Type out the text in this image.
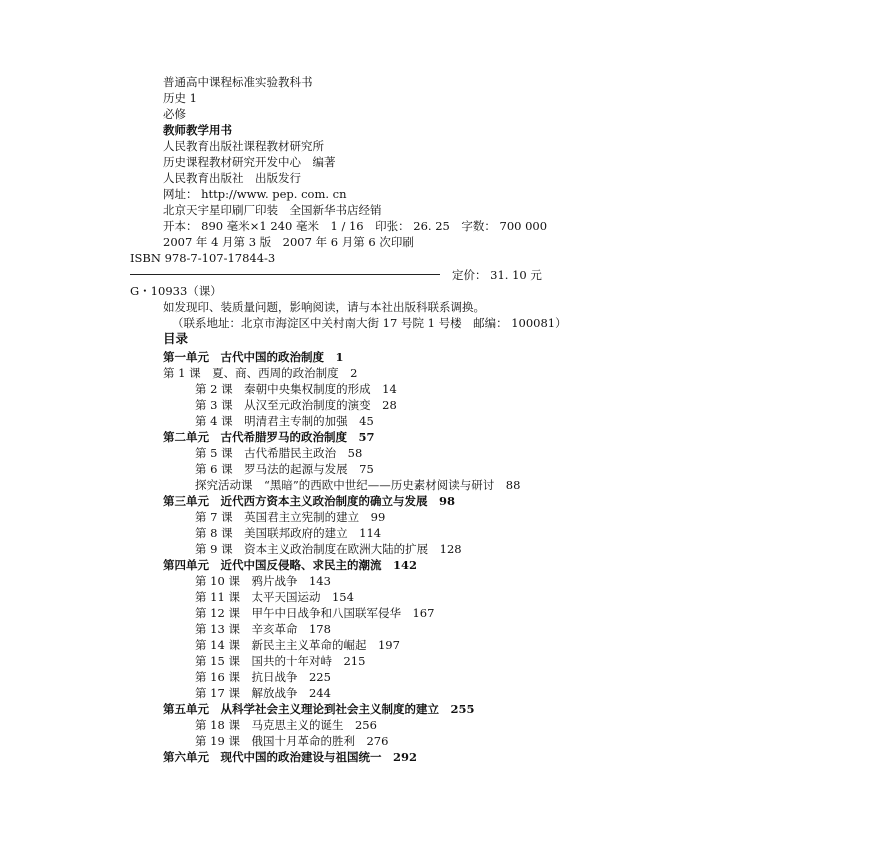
普通高中课程标准实验教科书
历史 1
必修
教师教学用书
人民教育出版社课程教材研究所
历史课程教材研究开发中心　编著
人民教育出版社　出版发行
网址： http://www. pep. com. cn
北京天宇星印刷厂印装　全国新华书店经销
开本： 890 毫米×1 240 毫米　1 / 16　印张： 26. 25　字数： 700 000
2007 年 4 月第 3 版　2007 年 6 月第 6 次印刷
ISBN 978-7-107-17844-3
定价： 31. 10 元
G・10933（课）
如发现印、装质量问题，影响阅读，请与本社出版科联系调换。
（联系地址：北京市海淀区中关村南大街 17 号院 1 号楼　邮编： 100081）
目录
第一单元　古代中国的政治制度　1
第 1 课　夏、商、西周的政治制度　2
第 2 课　秦朝中央集权制度的形成　14
第 3 课　从汉至元政治制度的演变　28
第 4 课　明清君主专制的加强　45
第二单元　古代希腊罗马的政治制度　57
第 5 课　古代希腊民主政治　58
第 6 课　罗马法的起源与发展　75
探究活动课　“黑暗”的西欧中世纪——历史素材阅读与研讨　88
第三单元　近代西方资本主义政治制度的确立与发展　98
第 7 课　英国君主立宪制的建立　99
第 8 课　美国联邦政府的建立　114
第 9 课　资本主义政治制度在欧洲大陆的扩展　128
第四单元　近代中国反侵略、求民主的潮流　142
第 10 课　鸦片战争　143
第 11 课　太平天国运动　154
第 12 课　甲午中日战争和八国联军侵华　167
第 13 课　辛亥革命　178
第 14 课　新民主主义革命的崛起　197
第 15 课　国共的十年对峙　215
第 16 课　抗日战争　225
第 17 课　解放战争　244
第五单元　从科学社会主义理论到社会主义制度的建立　255
第 18 课　马克思主义的诞生　256
第 19 课　俄国十月革命的胜利　276
第六单元　现代中国的政治建设与祖国统一　292
